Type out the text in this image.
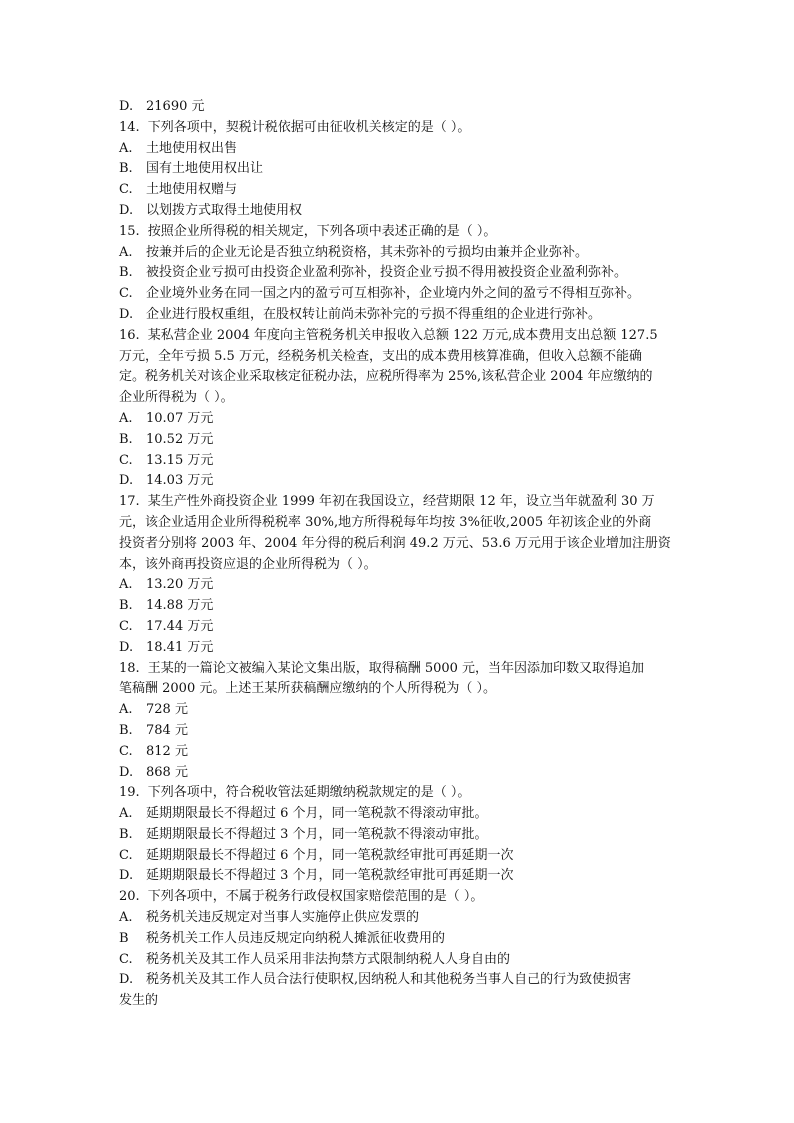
D. 21690 元
14. 下列各项中，契税计税依据可由征收机关核定的是（ ）。
A.	土地使用权出售
B.	国有土地使用权出让
C.	土地使用权赠与
D. 以划拨方式取得土地使用权
15. 按照企业所得税的相关规定，下列各项中表述正确的是（ ）。
A.	按兼并后的企业无论是否独立纳税资格，其未弥补的亏损均由兼并企业弥补。
B.	被投资企业亏损可由投资企业盈利弥补，投资企业亏损不得用被投资企业盈利弥补。
C.	企业境外业务在同一国之内的盈亏可互相弥补，企业境内外之间的盈亏不得相互弥补。
D. 企业进行股权重组，在股权转让前尚未弥补完的亏损不得重组的企业进行弥补。
16. 某私营企业 2004 年度向主管税务机关申报收入总额 122 万元,成本费用支出总额 127.5
万元，全年亏损 5.5 万元，经税务机关检查，支出的成本费用核算准确，但收入总额不能确
定。税务机关对该企业采取核定征税办法，应税所得率为 25%,该私营企业 2004 年应缴纳的
企业所得税为（ ）。
A.	10.07 万元
B.	10.52 万元
C.	13.15 万元
D. 14.03 万元
17. 某生产性外商投资企业 1999 年初在我国设立，经营期限 12 年，设立当年就盈利 30 万
元，该企业适用企业所得税税率 30%,地方所得税每年均按 3%征收,2005 年初该企业的外商
投资者分别将 2003 年、2004 年分得的税后利润 49.2 万元、53.6 万元用于该企业增加注册资
本，该外商再投资应退的企业所得税为（ ）。
A.	13.20 万元
B.	14.88 万元
C.	17.44 万元
D. 18.41 万元
18. 王某的一篇论文被编入某论文集出版，取得稿酬 5000 元，当年因添加印数又取得追加
笔稿酬 2000 元。上述王某所获稿酬应缴纳的个人所得税为（ ）。
A.	728 元
B.	784 元
C.	812 元
D. 868 元
19. 下列各项中，符合税收管法延期缴纳税款规定的是（ ）。
A.	延期期限最长不得超过 6 个月，同一笔税款不得滚动审批。
B.	延期期限最长不得超过 3 个月，同一笔税款不得滚动审批。
C.	延期期限最长不得超过 6 个月，同一笔税款经审批可再延期一次
D. 延期期限最长不得超过 3 个月，同一笔税款经审批可再延期一次
20. 下列各项中，不属于税务行政侵权国家赔偿范围的是（ ）。
A.	税务机关违反规定对当事人实施停止供应发票的
B	税务机关工作人员违反规定向纳税人摊派征收费用的
C.	税务机关及其工作人员采用非法拘禁方式限制纳税人人身自由的
D. 税务机关及其工作人员合法行使职权,因纳税人和其他税务当事人自己的行为致使损害
发生的
